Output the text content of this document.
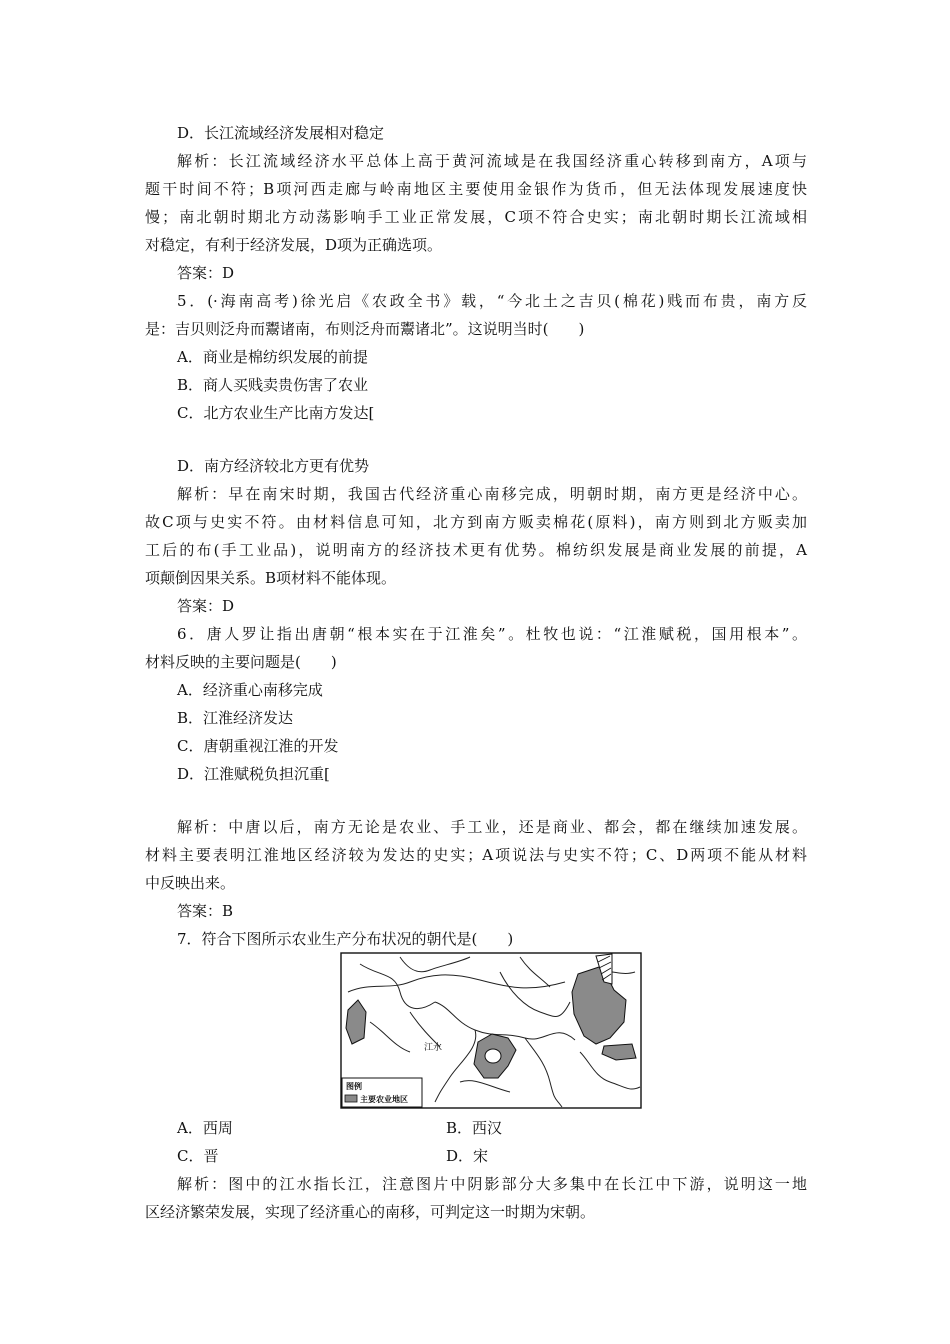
D．长江流域经济发展相对稳定
解析：长江流域经济水平总体上高于黄河流域是在我国经济重心转移到南方，A项与
题干时间不符；B项河西走廊与岭南地区主要使用金银作为货币，但无法体现发展速度快
慢；南北朝时期北方动荡影响手工业正常发展，C项不符合史实；南北朝时期长江流域相
对稳定，有利于经济发展，D项为正确选项。
答案：D
5．(·海南高考)徐光启《农政全书》载，“今北土之吉贝(棉花)贱而布贵，南方反
是：吉贝则泛舟而鬻诸南，布则泛舟而鬻诸北”。这说明当时(　　)
A．商业是棉纺织发展的前提
B．商人买贱卖贵伤害了农业
C．北方农业生产比南方发达[
D．南方经济较北方更有优势
解析：早在南宋时期，我国古代经济重心南移完成，明朝时期，南方更是经济中心。
故C项与史实不符。由材料信息可知，北方到南方贩卖棉花(原料)，南方则到北方贩卖加
工后的布(手工业品)，说明南方的经济技术更有优势。棉纺织发展是商业发展的前提，A
项颠倒因果关系。B项材料不能体现。
答案：D
6．唐人罗让指出唐朝“根本实在于江淮矣”。杜牧也说：“江淮赋税，国用根本”。
材料反映的主要问题是(　　)
A．经济重心南移完成
B．江淮经济发达
C．唐朝重视江淮的开发
D．江淮赋税负担沉重[
解析：中唐以后，南方无论是农业、手工业，还是商业、都会，都在继续加速发展。
材料主要表明江淮地区经济较为发达的史实；A项说法与史实不符；C、D两项不能从材料
中反映出来。
答案：B
7．符合下图所示农业生产分布状况的朝代是(　　)
江水
图例
主要农业地区
A．西周	B．西汉
C．晋	D．宋
解析：图中的江水指长江，注意图片中阴影部分大多集中在长江中下游，说明这一地
区经济繁荣发展，实现了经济重心的南移，可判定这一时期为宋朝。
